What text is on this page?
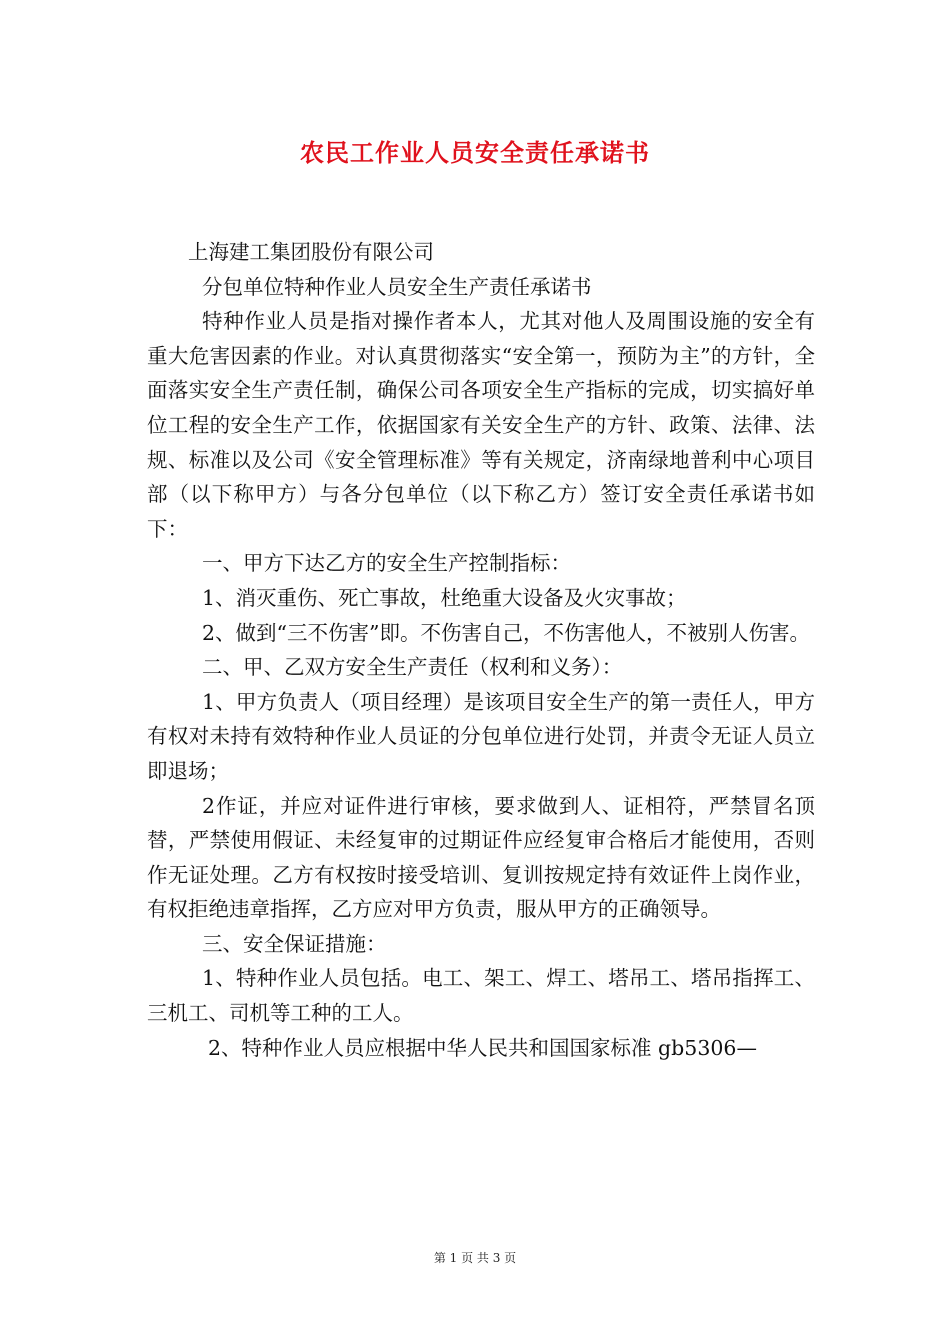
农民工作业人员安全责任承诺书

上海建工集团股份有限公司

分包单位特种作业人员安全生产责任承诺书

特种作业人员是指对操作者本人，尤其对他人及周围设施的安全有重大危害因素的作业。对认真贯彻落实“安全第一，预防为主”的方针，全面落实安全生产责任制，确保公司各项安全生产指标的完成，切实搞好单位工程的安全生产工作，依据国家有关安全生产的方针、政策、法律、法规、标准以及公司《安全管理标准》等有关规定，济南绿地普利中心项目部（以下称甲方）与各分包单位（以下称乙方）签订安全责任承诺书如下：

一、甲方下达乙方的安全生产控制指标：

1、消灭重伤、死亡事故，杜绝重大设备及火灾事故；

2、做到“三不伤害”即。不伤害自己，不伤害他人，不被别人伤害。

二、甲、乙双方安全生产责任（权利和义务）：

1、甲方负责人（项目经理）是该项目安全生产的第一责任人，甲方有权对未持有效特种作业人员证的分包单位进行处罚，并责令无证人员立即退场；

2作证，并应对证件进行审核，要求做到人、证相符，严禁冒名顶替，严禁使用假证、未经复审的过期证件应经复审合格后才能使用，否则作无证处理。乙方有权按时接受培训、复训按规定持有效证件上岗作业，有权拒绝违章指挥，乙方应对甲方负责，服从甲方的正确领导。

三、安全保证措施：

1、特种作业人员包括。电工、架工、焊工、塔吊工、塔吊指挥工、三机工、司机等工种的工人。

2、特种作业人员应根据中华人民共和国国家标准 gb5306—

第 1 页 共 3 页
